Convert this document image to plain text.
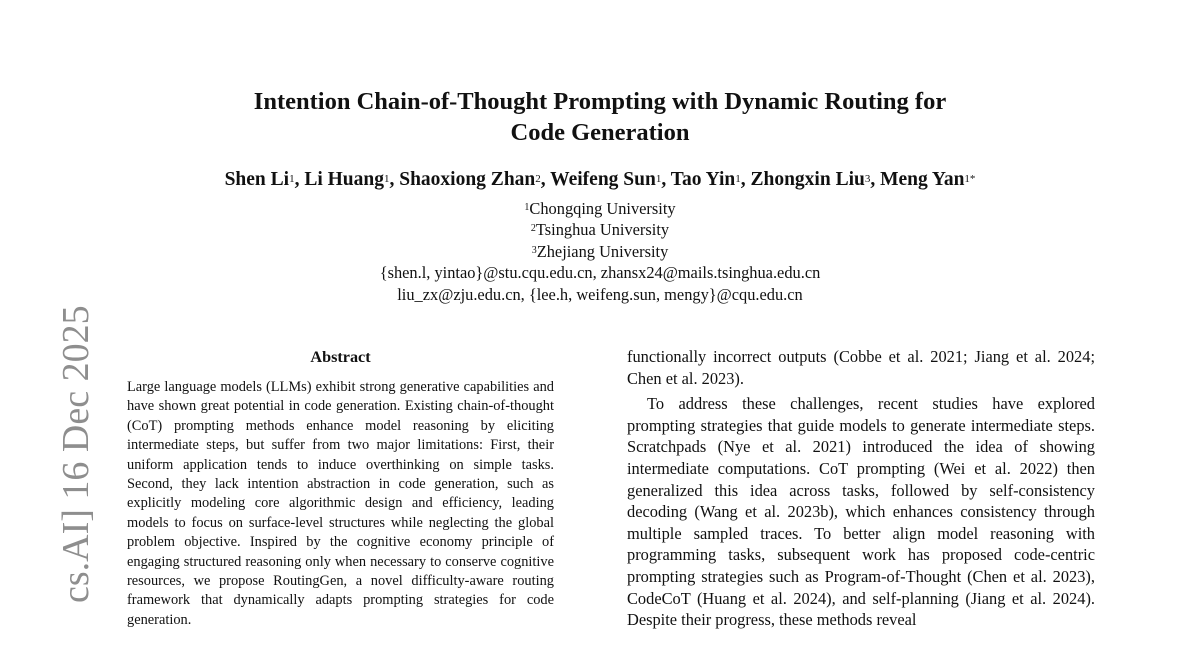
Intention Chain-of-Thought Prompting with Dynamic Routing for
Code Generation
Shen Li$^1$, Li Huang$^1$, Shaoxiong Zhan$^2$, Weifeng Sun$^1$, Tao Yin$^1$, Zhongxin Liu$^3$, Meng Yan$^{1*}$
$^1$Chongqing University
$^2$Tsinghua University
$^3$Zhejiang University
{shen.l, yintao}@stu.cqu.edu.cn, zhansx24@mails.tsinghua.edu.cn
liu_zx@zju.edu.cn, {lee.h, weifeng.sun, mengy}@cqu.edu.cn
cs.AI] 16 Dec 2025	Abstract

Large language models (LLMs) exhibit strong generative capabilities and have shown great potential in code generation. Existing chain-of-thought (CoT) prompting methods enhance model reasoning by eliciting intermediate steps, but suffer from two major limitations: First, their uniform application tends to induce overthinking on simple tasks. Second, they lack intention abstraction in code generation, such as explicitly modeling core algorithmic design and efficiency, leading models to focus on surface-level structures while neglecting the global problem objective. Inspired by the cognitive economy principle of engaging structured reasoning only when necessary to conserve cognitive resources, we propose RoutingGen, a novel difficulty-aware routing framework that dynamically adapts prompting strategies for code generation.

functionally incorrect outputs (Cobbe et al. 2021; Jiang et al. 2024; Chen et al. 2023).

To address these challenges, recent studies have explored prompting strategies that guide models to generate intermediate steps. Scratchpads (Nye et al. 2021) introduced the idea of showing intermediate computations. CoT prompting (Wei et al. 2022) then generalized this idea across tasks, followed by self-consistency decoding (Wang et al. 2023b), which enhances consistency through multiple sampled traces. To better align model reasoning with programming tasks, subsequent work has proposed code-centric prompting strategies such as Program-of-Thought (Chen et al. 2023), CodeCoT (Huang et al. 2024), and self-planning (Jiang et al. 2024). Despite their progress, these methods reveal
